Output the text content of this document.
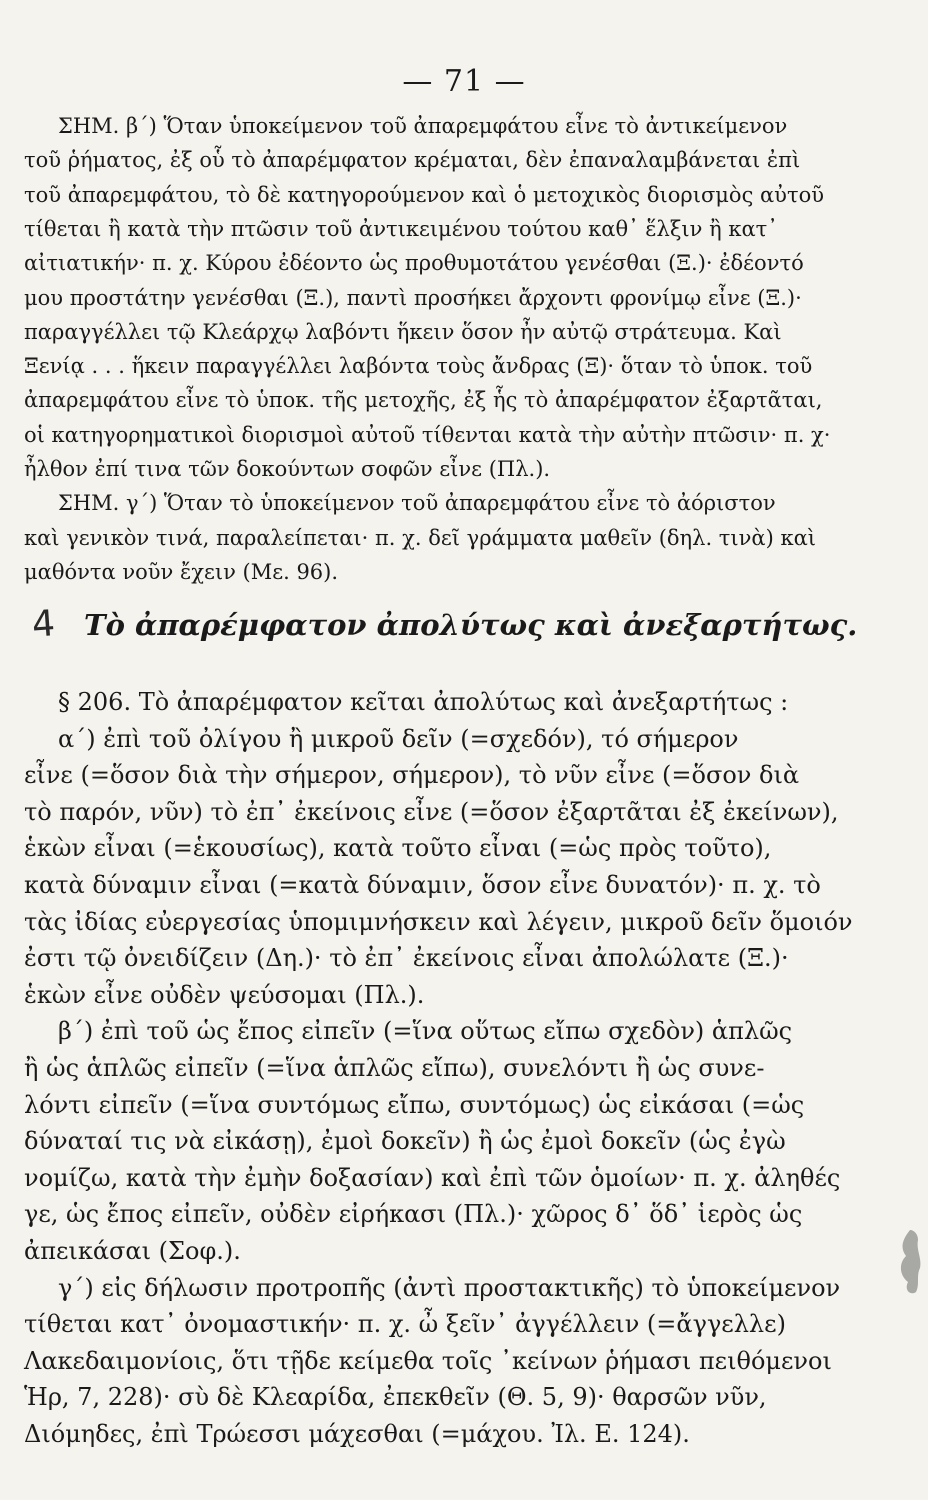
— 71 —
ΣΗΜ. β΄) Ὅταν ὑποκείμενον τοῦ ἀπαρεμφάτου εἶνε τὸ ἀντικείμενον
τοῦ ῥήματος, ἐξ οὗ τὸ ἀπαρέμφατον κρέμαται, δὲν ἐπαναλαμβάνεται ἐπὶ
τοῦ ἀπαρεμφάτου, τὸ δὲ κατηγορούμενον καὶ ὁ μετοχικὸς διορισμὸς αὐτοῦ
τίθεται ἢ κατὰ τὴν πτῶσιν τοῦ ἀντικειμένου τούτου καθ᾽ ἕλξιν ἢ κατ᾽
αἰτιατικήν· π. χ. Κύρου ἐδέοντο ὡς προθυμοτάτου γενέσθαι (Ξ.)· ἐδέοντό
μου προστάτην γενέσθαι (Ξ.), παντὶ προσήκει ἄρχοντι φρονίμῳ εἶνε (Ξ.)·
παραγγέλλει τῷ Κλεάρχῳ λαβόντι ἥκειν ὅσον ἦν αὐτῷ στράτευμα. Καὶ
Ξενίᾳ . . . ἥκειν παραγγέλλει λαβόντα τοὺς ἄνδρας (Ξ)· ὅταν τὸ ὑποκ. τοῦ
ἀπαρεμφάτου εἶνε τὸ ὑποκ. τῆς μετοχῆς, ἐξ ἧς τὸ ἀπαρέμφατον ἐξαρτᾶται,
οἱ κατηγορηματικοὶ διορισμοὶ αὐτοῦ τίθενται κατὰ τὴν αὐτὴν πτῶσιν· π. χ·
ἦλθον ἐπί τινα τῶν δοκούντων σοφῶν εἶνε (Πλ.).
ΣΗΜ. γ΄) Ὅταν τὸ ὑποκείμενον τοῦ ἀπαρεμφάτου εἶνε τὸ ἀόριστον
καὶ γενικὸν τινά, παραλείπεται· π. χ. δεῖ γράμματα μαθεῖν (δηλ. τινὰ) καὶ
μαθόντα νοῦν ἔχειν (Με. 96).
4 Τὸ ἀπαρέμφατον ἀπολύτως καὶ ἀνεξαρτήτως.
§ 206. Τὸ ἀπαρέμφατον κεῖται ἀπολύτως καὶ ἀνεξαρτήτως :
α΄) ἐπὶ τοῦ ὀλίγου ἢ μικροῦ δεῖν (=σχεδόν), τό σήμερον
εἶνε (=ὅσον διὰ τὴν σήμερον, σήμερον), τὸ νῦν εἶνε (=ὅσον διὰ
τὸ παρόν, νῦν) τὸ ἐπ᾽ ἐκείνοις εἶνε (=ὅσον ἐξαρτᾶται ἐξ ἐκείνων),
ἑκὼν εἶναι (=ἑκουσίως), κατὰ τοῦτο εἶναι (=ὡς πρὸς τοῦτο),
κατὰ δύναμιν εἶναι (=κατὰ δύναμιν, ὅσον εἶνε δυνατόν)· π. χ. τὸ
τὰς ἰδίας εὐεργεσίας ὑπομιμνήσκειν καὶ λέγειν, μικροῦ δεῖν ὅμοιόν
ἐστι τῷ ὀνειδίζειν (Δη.)· τὸ ἐπ᾽ ἐκείνοις εἶναι ἀπολώλατε (Ξ.)·
ἑκὼν εἶνε οὐδὲν ψεύσομαι (Πλ.).
β΄) ἐπὶ τοῦ ὡς ἔπος εἰπεῖν (=ἵνα οὕτως εἴπω σχεδὸν) ἁπλῶς
ἢ ὡς ἁπλῶς εἰπεῖν (=ἵνα ἁπλῶς εἴπω), συνελόντι ἢ ὡς συνε-
λόντι εἰπεῖν (=ἵνα συντόμως εἴπω, συντόμως) ὡς εἰκάσαι (=ὡς
δύναταί τις νὰ εἰκάσῃ), ἐμοὶ δοκεῖν) ἢ ὡς ἐμοὶ δοκεῖν (ὡς ἐγὼ
νομίζω, κατὰ τὴν ἐμὴν δοξασίαν) καὶ ἐπὶ τῶν ὁμοίων· π. χ. ἀληθές
γε, ὡς ἔπος εἰπεῖν, οὐδὲν εἰρήκασι (Πλ.)· χῶρος δ᾽ ὅδ᾽ ἱερὸς ὡς
ἀπεικάσαι (Σοφ.).
γ΄) εἰς δήλωσιν προτροπῆς (ἀντὶ προστακτικῆς) τὸ ὑποκείμενον
τίθεται κατ᾽ ὀνομαστικήν· π. χ. ὦ ξεῖν᾽ ἀγγέλλειν (=ἄγγελλε)
Λακεδαιμονίοις, ὅτι τῇδε κείμεθα τοῖς ᾽κείνων ῥήμασι πειθόμενοι
Ἡρ, 7, 228)· σὺ δὲ Κλεαρίδα, ἐπεκθεῖν (Θ. 5, 9)· θαρσῶν νῦν,
Διόμηδες, ἐπὶ Τρώεσσι μάχεσθαι (=μάχου. Ἰλ. Ε. 124).
